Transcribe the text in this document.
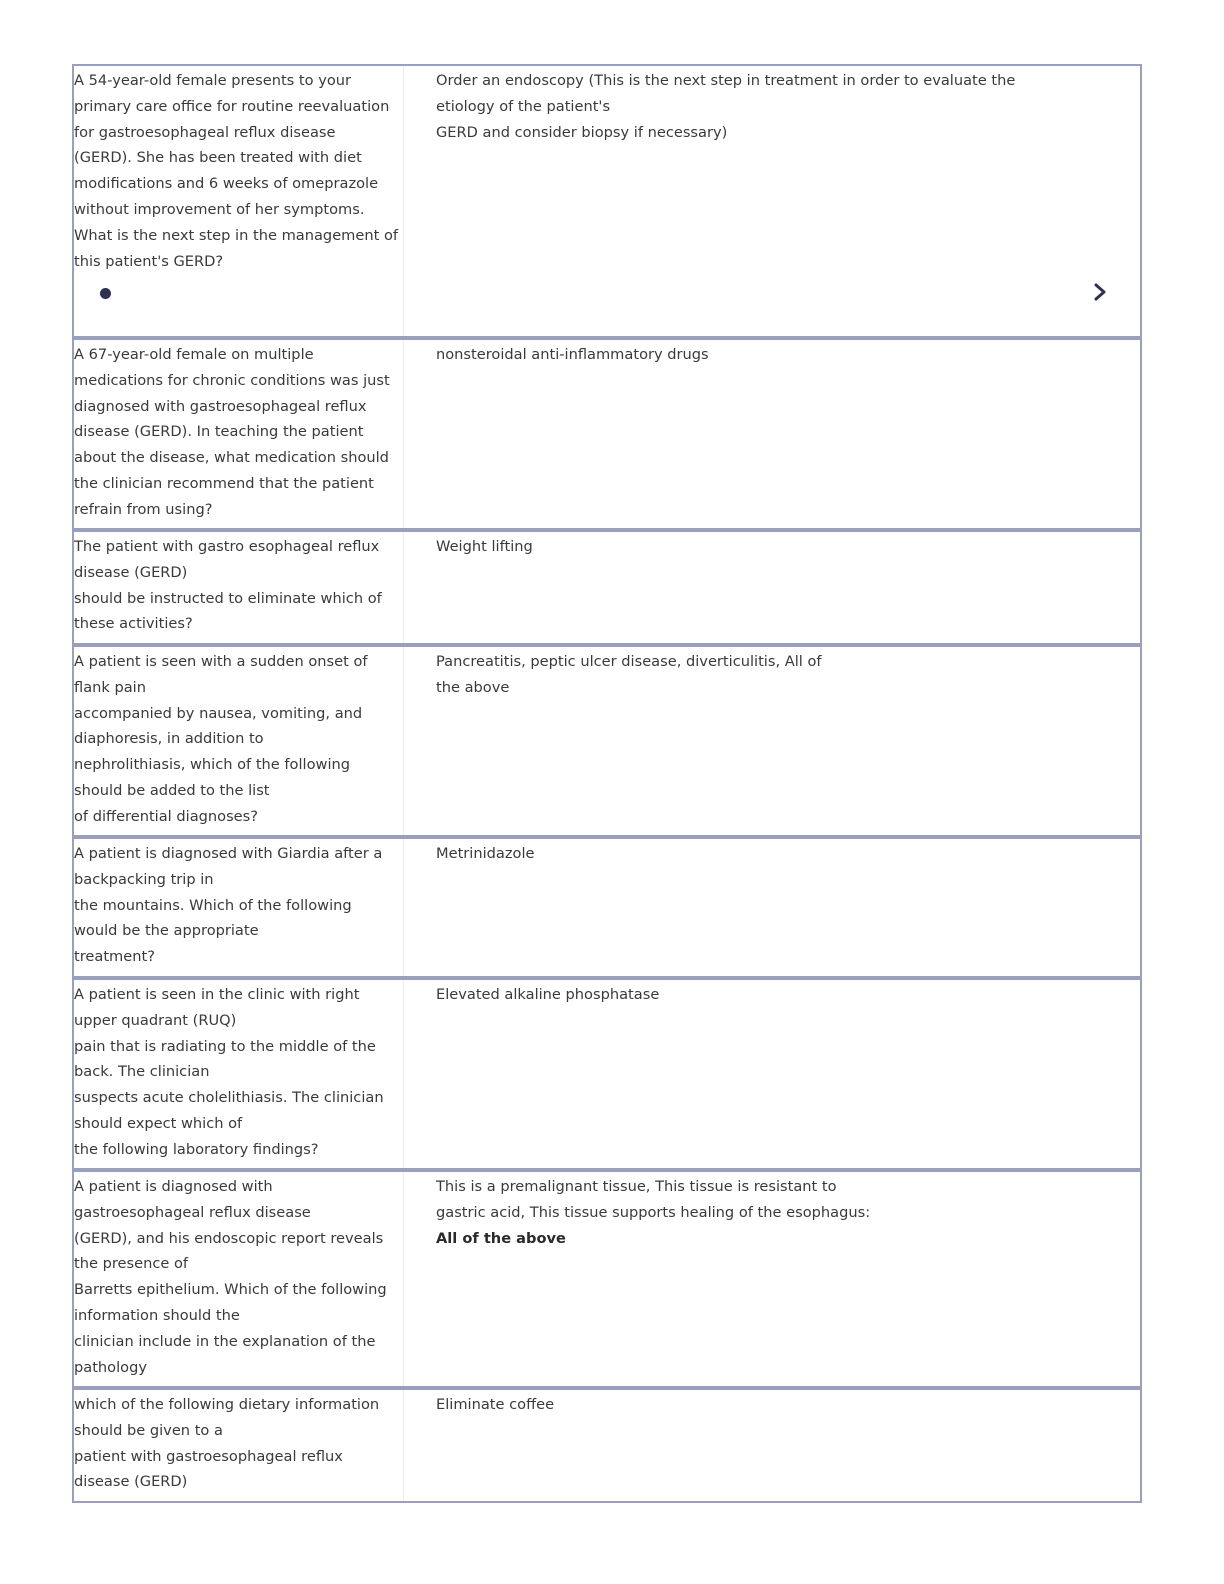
A 54-year-old female presents to your
primary care office for routine reevaluation
for gastroesophageal reflux disease
(GERD). She has been treated with diet
modifications and 6 weeks of omeprazole
without improvement of her symptoms.
What is the next step in the management of
this patient's GERD?
Order an endoscopy (This is the next step in treatment in order to evaluate the
etiology of the patient's
GERD and consider biopsy if necessary)
A 67-year-old female on multiple
medications for chronic conditions was just
diagnosed with gastroesophageal reflux
disease (GERD). In teaching the patient
about the disease, what medication should
the clinician recommend that the patient
refrain from using?
nonsteroidal anti-inflammatory drugs
The patient with gastro esophageal reflux
disease (GERD)
should be instructed to eliminate which of
these activities?
Weight lifting
A patient is seen with a sudden onset of
flank pain
accompanied by nausea, vomiting, and
diaphoresis, in addition to
nephrolithiasis, which of the following
should be added to the list
of differential diagnoses?
Pancreatitis, peptic ulcer disease, diverticulitis, All of
the above
A patient is diagnosed with Giardia after a
backpacking trip in
the mountains. Which of the following
would be the appropriate
treatment?
Metrinidazole
A patient is seen in the clinic with right
upper quadrant (RUQ)
pain that is radiating to the middle of the
back. The clinician
suspects acute cholelithiasis. The clinician
should expect which of
the following laboratory findings?
Elevated alkaline phosphatase
A patient is diagnosed with
gastroesophageal reflux disease
(GERD), and his endoscopic report reveals
the presence of
Barretts epithelium. Which of the following
information should the
clinician include in the explanation of the
pathology
This is a premalignant tissue, This tissue is resistant to
gastric acid, This tissue supports healing of the esophagus:
All of the above
which of the following dietary information
should be given to a
patient with gastroesophageal reflux
disease (GERD)
Eliminate coffee
